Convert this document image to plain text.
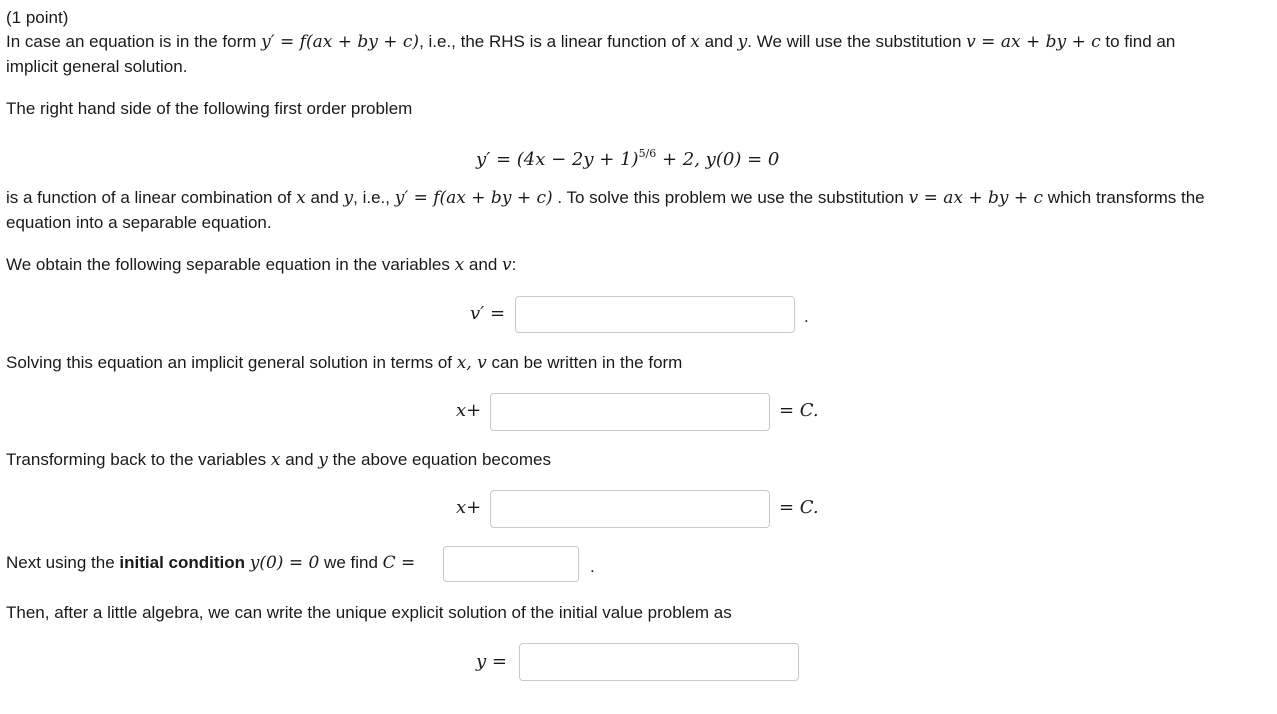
(1 point)
In case an equation is in the form y′ = f(ax + by + c), i.e., the RHS is a linear function of x and y. We will use the substitution v = ax + by + c to find an
implicit general solution.
The right hand side of the following first order problem
$y' = (4x - 2y + 1)^{5/6} + 2$, y(0) = 0
is a function of a linear combination of x and y, i.e., y′ = f(ax + by + c) . To solve this problem we use the substitution v = ax + by + c which transforms the
equation into a separable equation.
We obtain the following separable equation in the variables x and v:
v′ =	.
Solving this equation an implicit general solution in terms of x, v can be written in the form
x+	= C.
Transforming back to the variables x and y the above equation becomes
x+	= C.
Next using the initial condition y(0) = 0 we find C =	.
Then, after a little algebra, we can write the unique explicit solution of the initial value problem as
y =
